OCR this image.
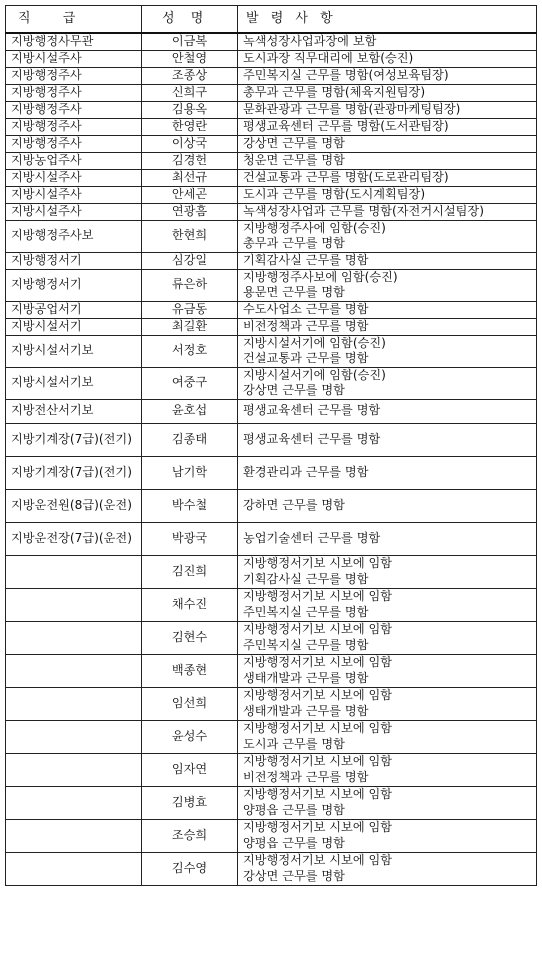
직 급	성 명	발 령 사 항
지방행정사무관	이금복	녹색성장사업과장에 보함

지방시설주사	안철영	도시과장 직무대리에 보함(승진)

지방행정주사	조종상	주민복지실 근무를 명함(여성보육팀장)

지방행정주사	신희구	총무과 근무를 명함(체육지원팀장)

지방행정주사	김용옥	문화관광과 근무를 명함(관광마케팅팀장)

지방행정주사	한영란	평생교육센터 근무를 명함(도서관팀장)

지방행정주사	이상국	강상면 근무를 명함

지방농업주사	김경헌	청운면 근무를 명함

지방시설주사	최선규	건설교통과 근무를 명함(도로관리팀장)

지방시설주사	안세곤	도시과 근무를 명함(도시계획팀장)

지방시설주사	연광흠	녹색성장사업과 근무를 명함(자전거시설팀장)

지방행정주사보	한현희	지방행정주사에 임함(승진)
총무과 근무를 명함

지방행정서기	심강일	기획감사실 근무를 명함

지방행정서기	류은하	지방행정주사보에 임함(승진)
용문면 근무를 명함

지방공업서기	유금동	수도사업소 근무를 명함

지방시설서기	최길환	비전정책과 근무를 명함

지방시설서기보	서정호	지방시설서기에 임함(승진)
건설교통과 근무를 명함

지방시설서기보	여중구	지방시설서기에 임함(승진)
강상면 근무를 명함

지방전산서기보	윤호섭	평생교육센터 근무를 명함

지방기계장(7급)(전기)	김종태	평생교육센터 근무를 명함

지방기계장(7급)(전기)	남기학	환경관리과 근무를 명함

지방운전원(8급)(운전)	박수철	강하면 근무를 명함

지방운전장(7급)(운전)	박광국	농업기술센터 근무를 명함

	김진희	지방행정서기보 시보에 임함
기획감사실 근무를 명함

	채수진	지방행정서기보 시보에 임함
주민복지실 근무를 명함

	김현수	지방행정서기보 시보에 임함
주민복지실 근무를 명함

	백종현	지방행정서기보 시보에 임함
생태개발과 근무를 명함

	임선희	지방행정서기보 시보에 임함
생태개발과 근무를 명함

	윤성수	지방행정서기보 시보에 임함
도시과 근무를 명함

	임자연	지방행정서기보 시보에 임함
비전정책과 근무를 명함

	김병효	지방행정서기보 시보에 임함
양평읍 근무를 명함

	조승희	지방행정서기보 시보에 임함
양평읍 근무를 명함

	김수영	지방행정서기보 시보에 임함
강상면 근무를 명함
